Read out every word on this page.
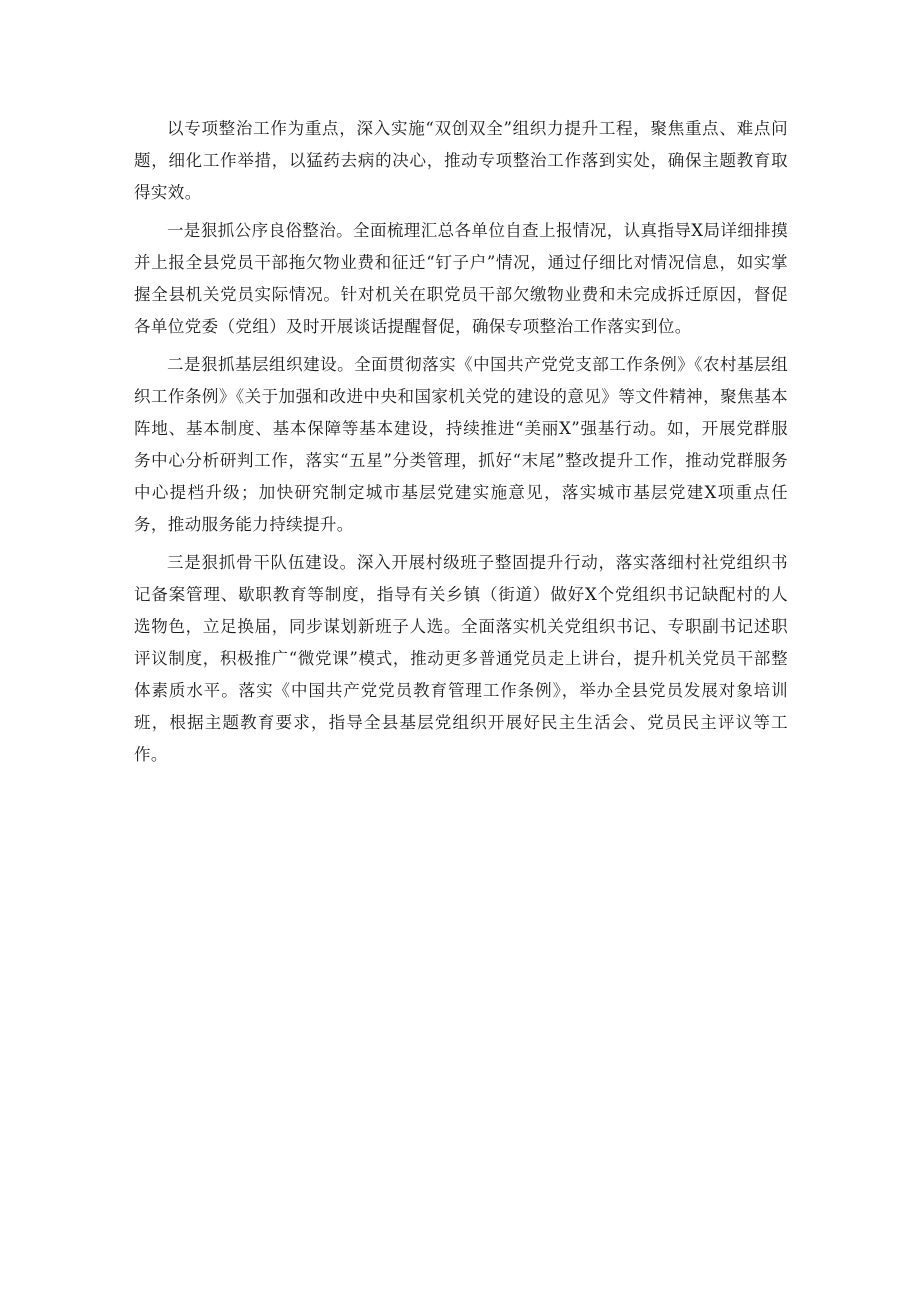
以专项整治工作为重点，深入实施“双创双全”组织力提升工程，聚焦重点、难点问题，细化工作举措，以猛药去病的决心，推动专项整治工作落到实处，确保主题教育取得实效。

一是狠抓公序良俗整治。全面梳理汇总各单位自查上报情况，认真指导X局详细排摸并上报全县党员干部拖欠物业费和征迁“钉子户”情况，通过仔细比对情况信息，如实掌握全县机关党员实际情况。针对机关在职党员干部欠缴物业费和未完成拆迁原因，督促各单位党委（党组）及时开展谈话提醒督促，确保专项整治工作落实到位。

二是狠抓基层组织建设。全面贯彻落实《中国共产党党支部工作条例》《农村基层组织工作条例》《关于加强和改进中央和国家机关党的建设的意见》等文件精神，聚焦基本阵地、基本制度、基本保障等基本建设，持续推进“美丽X”强基行动。如，开展党群服务中心分析研判工作，落实“五星”分类管理，抓好“末尾”整改提升工作，推动党群服务中心提档升级；加快研究制定城市基层党建实施意见，落实城市基层党建X项重点任务，推动服务能力持续提升。

三是狠抓骨干队伍建设。深入开展村级班子整固提升行动，落实落细村社党组织书记备案管理、歇职教育等制度，指导有关乡镇（街道）做好X个党组织书记缺配村的人选物色，立足换届，同步谋划新班子人选。全面落实机关党组织书记、专职副书记述职评议制度，积极推广“微党课”模式，推动更多普通党员走上讲台，提升机关党员干部整体素质水平。落实《中国共产党党员教育管理工作条例》，举办全县党员发展对象培训班，根据主题教育要求，指导全县基层党组织开展好民主生活会、党员民主评议等工作。
